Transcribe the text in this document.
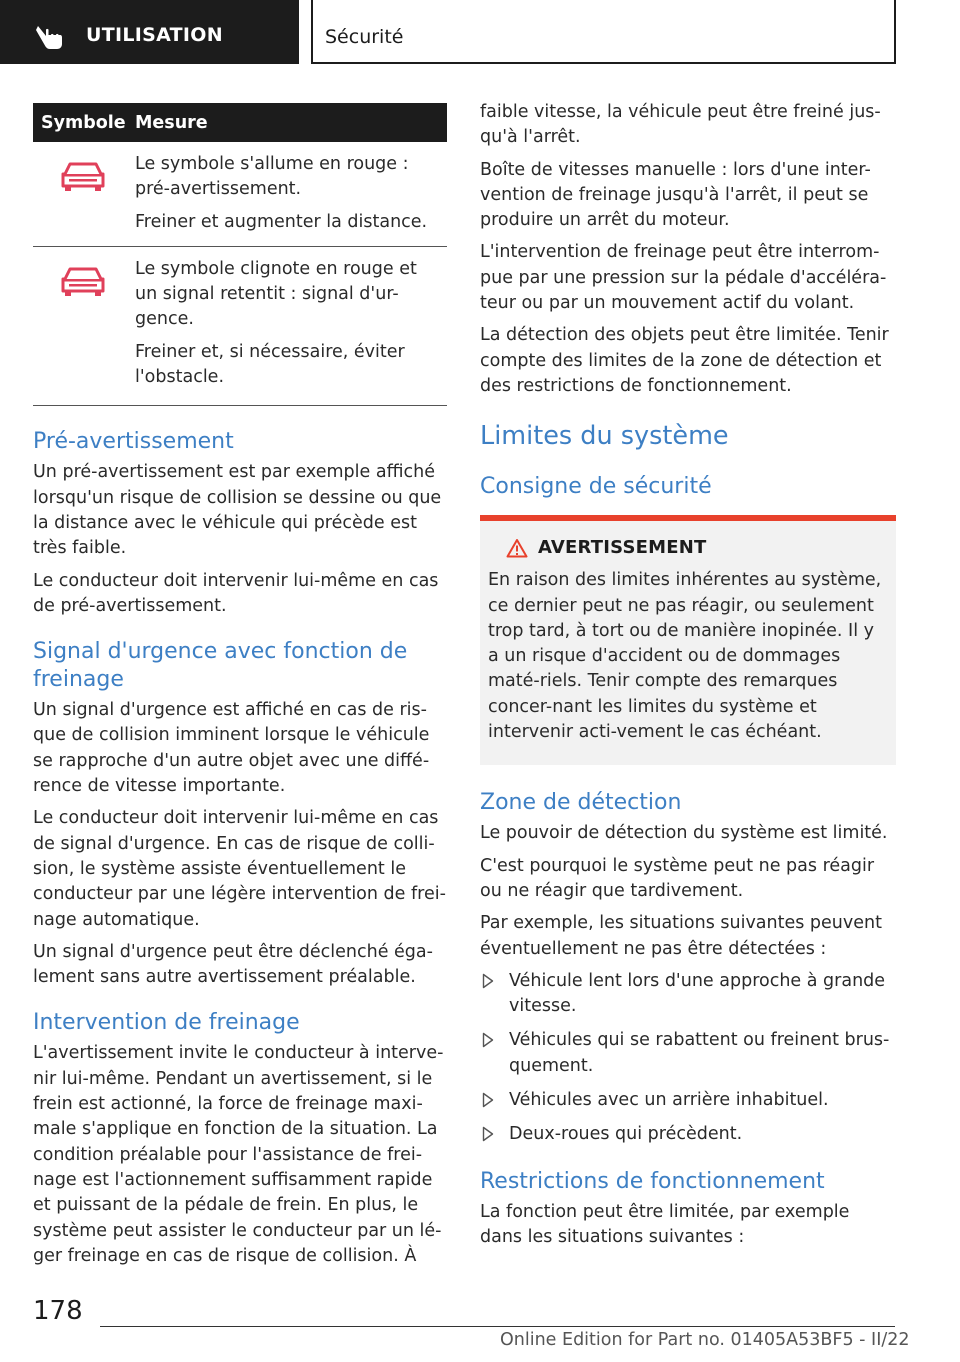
UTILISATION	Sécurité
Symbole Mesure

Le symbole s'allume en rouge :
pré-avertissement.

Freiner et augmenter la distance.

Le symbole clignote en rouge et
un signal retentit : signal d'ur-
gence.

Freiner et, si nécessaire, éviter
l'obstacle.

Pré-avertissement

Un pré-avertissement est par exemple affiché lorsqu'un risque de collision se dessine ou que la distance avec le véhicule qui précède est très faible.

Le conducteur doit intervenir lui-même en cas de pré-avertissement.

Signal d'urgence avec fonction de freinage

Un signal d'urgence est affiché en cas de ris-que de collision imminent lorsque le véhicule se rapproche d'un autre objet avec une diffé-rence de vitesse importante.

Le conducteur doit intervenir lui-même en cas de signal d'urgence. En cas de risque de colli-sion, le système assiste éventuellement le conducteur par une légère intervention de frei-nage automatique.

Un signal d'urgence peut être déclenché éga-lement sans autre avertissement préalable.

Intervention de freinage

L'avertissement invite le conducteur à interve-nir lui-même. Pendant un avertissement, si le frein est actionné, la force de freinage maxi-male s'applique en fonction de la situation. La condition préalable pour l'assistance de frei-nage est l'actionnement suffisamment rapide et puissant de la pédale de frein. En plus, le système peut assister le conducteur par un lé-ger freinage en cas de risque de collision. À

faible vitesse, la véhicule peut être freiné jus-qu'à l'arrêt.

Boîte de vitesses manuelle : lors d'une inter-vention de freinage jusqu'à l'arrêt, il peut se produire un arrêt du moteur.

L'intervention de freinage peut être interrom-pue par une pression sur la pédale d'accéléra-teur ou par un mouvement actif du volant.

La détection des objets peut être limitée. Tenir compte des limites de la zone de détection et des restrictions de fonctionnement.

Limites du système
Consigne de sécurité
AVERTISSEMENT

En raison des limites inhérentes au système, ce dernier peut ne pas réagir, ou seulement trop tard, à tort ou de manière inopinée. Il y a un risque d'accident ou de dommages maté-riels. Tenir compte des remarques concer-nant les limites du système et intervenir acti-vement le cas échéant.

Zone de détection

Le pouvoir de détection du système est limité.

C'est pourquoi le système peut ne pas réagir ou ne réagir que tardivement.

Par exemple, les situations suivantes peuvent éventuellement ne pas être détectées :

Véhicule lent lors d'une approche à grande vitesse.
Véhicules qui se rabattent ou freinent brus-quement.
Véhicules avec un arrière inhabituel.
Deux-roues qui précèdent.
Restrictions de fonctionnement

La fonction peut être limitée, par exemple dans les situations suivantes :

178
Online Edition for Part no. 01405A53BF5 - II/22
